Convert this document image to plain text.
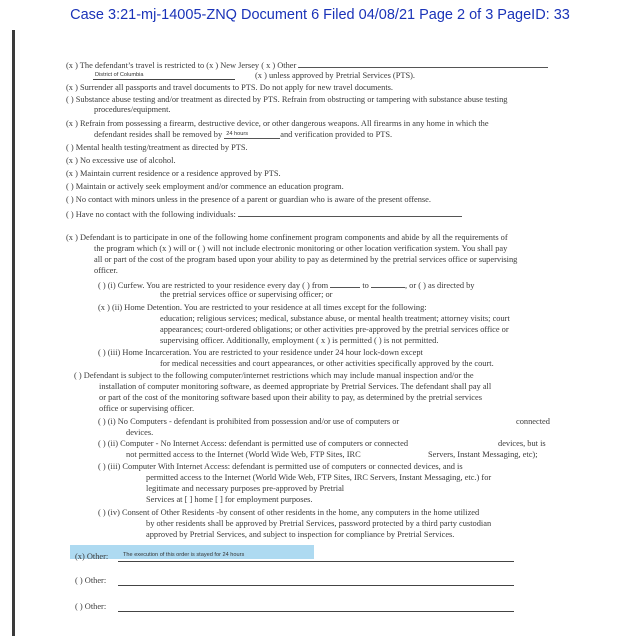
Case 3:21-mj-14005-ZNQ Document 6 Filed 04/08/21 Page 2 of 3 PageID: 33
(x ) The defendant’s travel is restricted to (x ) New Jersey ( x ) Other
District of Columbia	(x ) unless approved by Pretrial Services (PTS).
(x ) Surrender all passports and travel documents to PTS. Do not apply for new travel documents.
( ) Substance abuse testing and/or treatment as directed by PTS. Refrain from obstructing or tampering with substance abuse testing
procedures/equipment.
(x ) Refrain from possessing a firearm, destructive device, or other dangerous weapons. All firearms in any home in which the
defendant resides shall be removed by $^{24 hours}$	and verification provided to PTS.
( ) Mental health testing/treatment as directed by PTS.
(x ) No excessive use of alcohol.
(x ) Maintain current residence or a residence approved by PTS.
( ) Maintain or actively seek employment and/or commence an education program.
( ) No contact with minors unless in the presence of a parent or guardian who is aware of the present offense.
( ) Have no contact with the following individuals:
(x ) Defendant is to participate in one of the following home confinement program components and abide by all the requirements of
the program which (x ) will or ( ) will not include electronic monitoring or other location verification system. You shall pay
all or part of the cost of the program based upon your ability to pay as determined by the pretrial services office or supervising
officer.
( ) (i) Curfew. You are restricted to your residence every day ( ) from	to	, or ( ) as directed by
the pretrial services office or supervising officer; or
(x ) (ii) Home Detention. You are restricted to your residence at all times except for the following:
education; religious services; medical, substance abuse, or mental health treatment; attorney visits; court
appearances; court-ordered obligations; or other activities pre-approved by the pretrial services office or
supervising officer. Additionally, employment ( x ) is permitted ( ) is not permitted.
( ) (iii) Home Incarceration. You are restricted to your residence under 24 hour lock-down except
for medical necessities and court appearances, or other activities specifically approved by the court.
( ) Defendant is subject to the following computer/internet restrictions which may include manual inspection and/or the
installation of computer monitoring software, as deemed appropriate by Pretrial Services. The defendant shall pay all
or part of the cost of the monitoring software based upon their ability to pay, as determined by the pretrial services
office or supervising officer.
( ) (i) No Computers - defendant is prohibited from possession and/or use of computers or	connected
devices.
( ) (ii) Computer - No Internet Access: defendant is permitted use of computers or connected	devices, but is
not permitted access to the Internet (World Wide Web, FTP Sites, IRC	Servers, Instant Messaging, etc);
( ) (iii) Computer With Internet Access: defendant is permitted use of computers or connected devices, and is
permitted access to the Internet (World Wide Web, FTP Sites, IRC Servers, Instant Messaging, etc.) for
legitimate and necessary purposes pre-approved by Pretrial
Services at [ ] home [ ] for employment purposes.
( ) (iv) Consent of Other Residents -by consent of other residents in the home, any computers in the home utilized
by other residents shall be approved by Pretrial Services, password protected by a third party custodian
approved by Pretrial Services, and subject to inspection for compliance by Pretrial Services.
(x) Other:	The execution of this order is stayed for 24 hours
( ) Other:
( ) Other:
